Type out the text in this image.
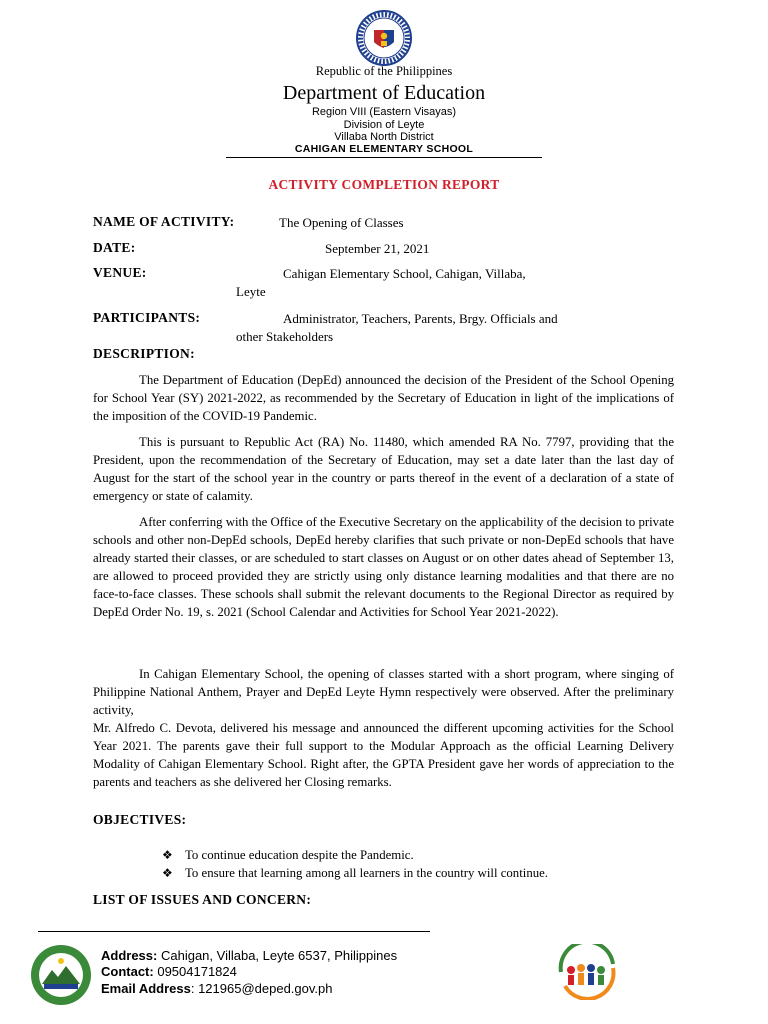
Republic of the Philippines
Department of Education
Region VIII (Eastern Visayas)
Division of Leyte
Villaba North District
CAHIGAN ELEMENTARY SCHOOL
ACTIVITY COMPLETION REPORT
NAME OF ACTIVITY:	The Opening of Classes
DATE:	September 21, 2021
VENUE:	Cahigan Elementary School, Cahigan, Villaba,
Leyte
PARTICIPANTS:	Administrator, Teachers, Parents, Brgy. Officials and
other Stakeholders
DESCRIPTION:

The Department of Education (DepEd) announced the decision of the President of the School Opening for School Year (SY) 2021-2022, as recommended by the Secretary of Education in light of the implications of the imposition of the COVID-19 Pandemic.

This is pursuant to Republic Act (RA) No. 11480, which amended RA No. 7797, providing that the President, upon the recommendation of the Secretary of Education, may set a date later than the last day of August for the start of the school year in the country or parts thereof in the event of a declaration of a state of emergency or state of calamity.

After conferring with the Office of the Executive Secretary on the applicability of the decision to private schools and other non-DepEd schools, DepEd hereby clarifies that such private or non-DepEd schools that have already started their classes, or are scheduled to start classes on August or on other dates ahead of September 13, are allowed to proceed provided they are strictly using only distance learning modalities and that there are no face-to-face classes. These schools shall submit the relevant documents to the Regional Director as required by DepEd Order No. 19, s. 2021 (School Calendar and Activities for School Year 2021-2022).

In Cahigan Elementary School, the opening of classes started with a short program, where singing of Philippine National Anthem, Prayer and DepEd Leyte Hymn respectively were observed. After the preliminary activity,

Mr. Alfredo C. Devota, delivered his message and announced the different upcoming activities for the School Year 2021. The parents gave their full support to the Modular Approach as the official Learning Delivery Modality of Cahigan Elementary School. Right after, the GPTA President gave her words of appreciation to the parents and teachers as she delivered her Closing remarks.

OBJECTIVES:
❖ To continue education despite the Pandemic.
❖ To ensure that learning among all learners in the country will continue.
LIST OF ISSUES AND CONCERN:
Address: Cahigan, Villaba, Leyte 6537, Philippines
Contact: 09504171824
Email Address: 121965@deped.gov.ph
